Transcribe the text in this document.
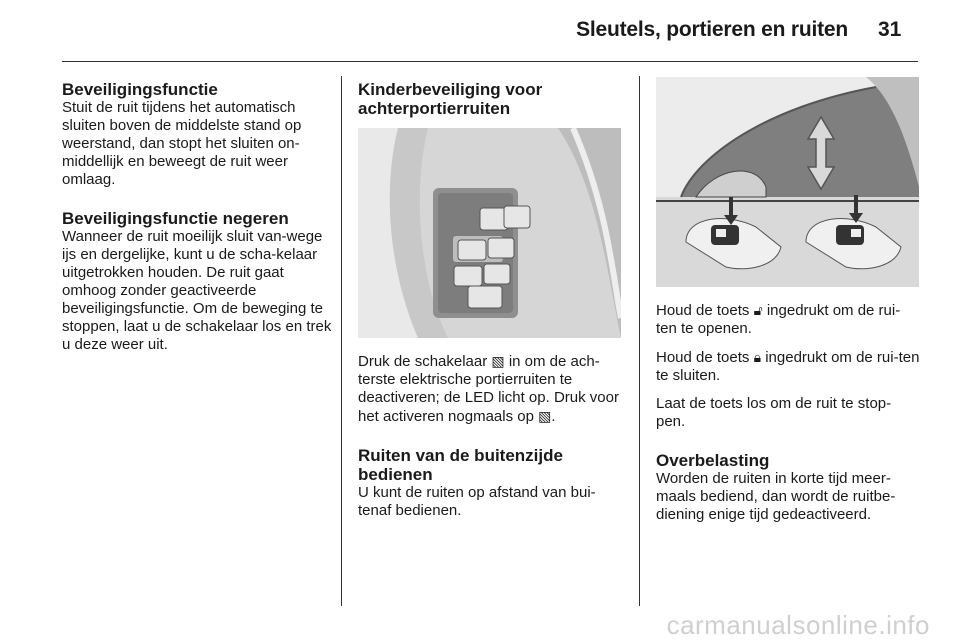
Sleutels, portieren en ruiten 31
Beveiligingsfunctie

Stuit de ruit tijdens het automatisch sluiten boven de middelste stand op weerstand, dan stopt het sluiten on-middellijk en beweegt de ruit weer omlaag.

Beveiligingsfunctie negeren

Wanneer de ruit moeilijk sluit van-wege ijs en dergelijke, kunt u de scha-kelaar uitgetrokken houden. De ruit gaat omhoog zonder geactiveerde beveiligingsfunctie. Om de beweging te stoppen, laat u de schakelaar los en trek u deze weer uit.

Kinderbeveiliging voor achterportierruiten

Druk de schakelaar ▧ in om de ach-terste elektrische portierruiten te deactiveren; de LED licht op. Druk voor het activeren nogmaals op ▧.

Ruiten van de buitenzijde bedienen

U kunt de ruiten op afstand van bui-tenaf bedienen.

Houd de toets 🔓︎ ingedrukt om de rui-ten te openen.

Houd de toets 🔒︎ ingedrukt om de rui-ten te sluiten.

Laat de toets los om de ruit te stop-pen.

Overbelasting

Worden de ruiten in korte tijd meer-maals bediend, dan wordt de ruitbe-diening enige tijd gedeactiveerd.

carmanualsonline.info
